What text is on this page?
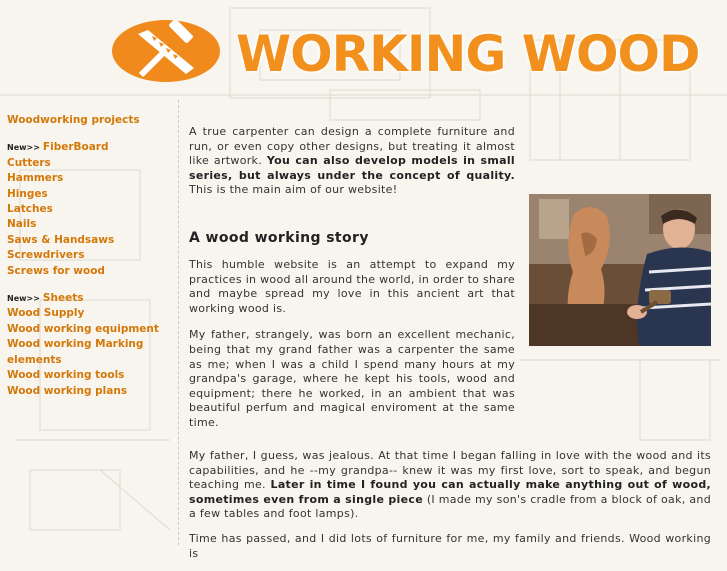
WORKING WOOD
Woodworking projects
New>> FiberBoard
Cutters
Hammers
Hinges
Latches
Nails
Saws & Handsaws
Screwdrivers
Screws for wood
New>> Sheets
Wood Supply
Wood working equipment
Wood working Marking elements
Wood working tools
Wood working plans

A true carpenter can design a complete furniture and run, or even copy other designs, but treating it almost like artwork. You can also develop models in small series, but always under the concept of quality. This is the main aim of our website!

A wood working story

This humble website is an attempt to expand my practices in wood all around the world, in order to share and maybe spread my love in this ancient art that working wood is.

My father, strangely, was born an excellent mechanic, being that my grand father was a carpenter the same as me; when I was a child I spend many hours at my grandpa's garage, where he kept his tools, wood and equipment; there he worked, in an ambient that was beautiful perfum and magical enviroment at the same time.

My father, I guess, was jealous. At that time I began falling in love with the wood and its capabilities, and he --my grandpa-- knew it was my first love, sort to speak, and begun teaching me. Later in time I found you can actually make anything out of wood, sometimes even from a single piece (I made my son's cradle from a block of oak, and a few tables and foot lamps).

Time has passed, and I did lots of furniture for me, my family and friends. Wood working is
